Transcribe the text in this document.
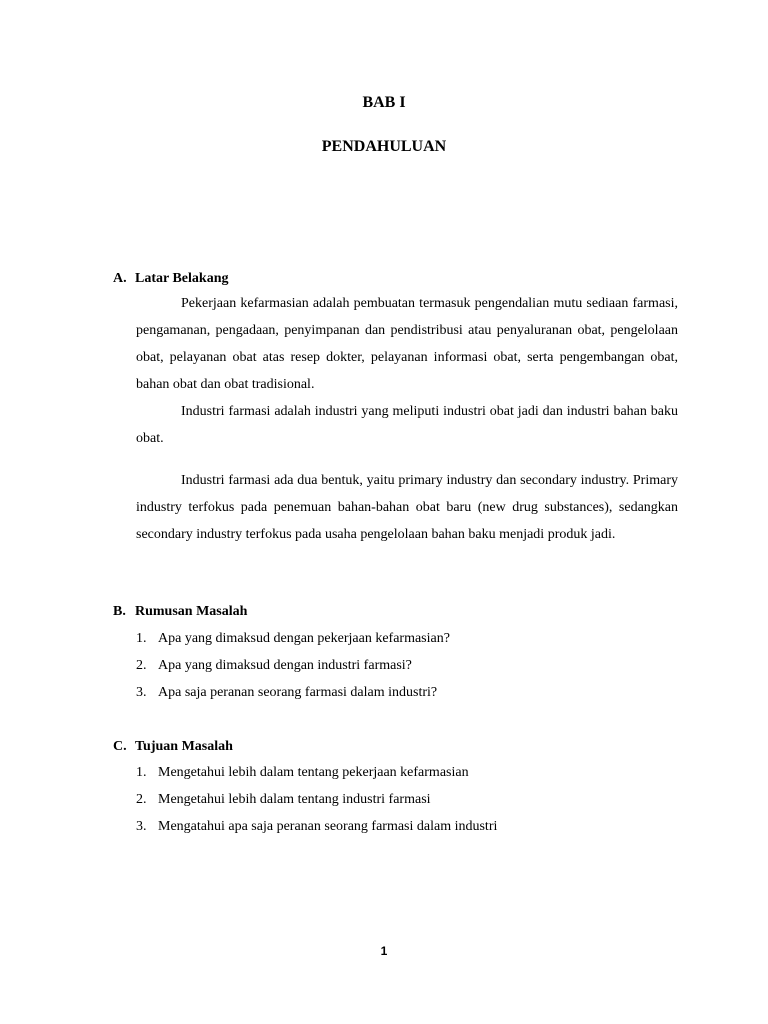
BAB I
PENDAHULUAN
A. Latar Belakang

Pekerjaan kefarmasian adalah pembuatan termasuk pengendalian mutu sediaan farmasi, pengamanan, pengadaan, penyimpanan dan pendistribusi atau penyaluranan obat, pengelolaan obat, pelayanan obat atas resep dokter, pelayanan informasi obat, serta pengembangan obat, bahan obat dan obat tradisional.

Industri farmasi adalah industri yang meliputi industri obat jadi dan industri bahan baku obat.

Industri farmasi ada dua bentuk, yaitu primary industry dan secondary industry. Primary industry terfokus pada penemuan bahan-bahan obat baru (new drug substances), sedangkan secondary industry terfokus pada usaha pengelolaan bahan baku menjadi produk jadi.

B. Rumusan Masalah
1. Apa yang dimaksud dengan pekerjaan kefarmasian?
2. Apa yang dimaksud dengan industri farmasi?
3. Apa saja peranan seorang farmasi dalam industri?
C. Tujuan Masalah
1. Mengetahui lebih dalam tentang pekerjaan kefarmasian
2. Mengetahui lebih dalam tentang industri farmasi
3. Mengatahui apa saja peranan seorang farmasi dalam industri
1
